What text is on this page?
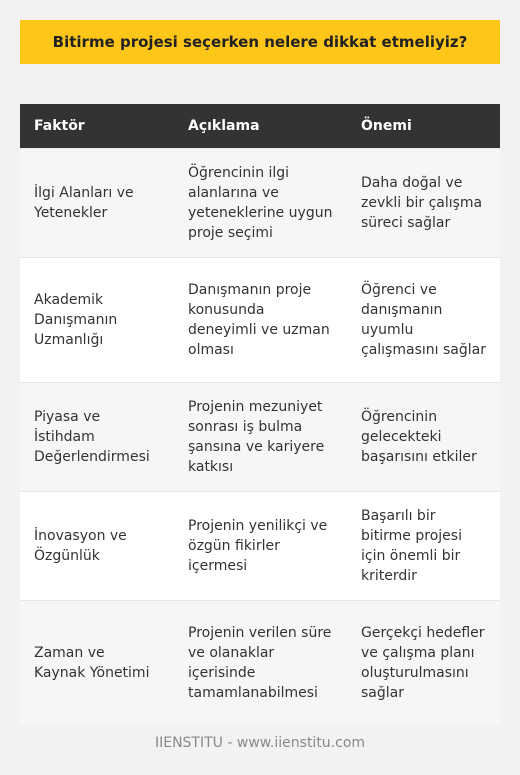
Bitirme projesi seçerken nelere dikkat etmeliyiz?
Faktör	Açıklama	Önemi
İlgi Alanları ve Yetenekler	Öğrencinin ilgi alanlarına ve yeteneklerine uygun proje seçimi	Daha doğal ve zevkli bir çalışma süreci sağlar
Akademik Danışmanın Uzmanlığı	Danışmanın proje konusunda deneyimli ve uzman olması	Öğrenci ve danışmanın uyumlu çalışmasını sağlar
Piyasa ve İstihdam Değerlendirmesi	Projenin mezuniyet sonrası iş bulma şansına ve kariyere katkısı	Öğrencinin gelecekteki başarısını etkiler
İnovasyon ve Özgünlük	Projenin yenilikçi ve özgün fikirler içermesi	Başarılı bir bitirme projesi için önemli bir kriterdir
Zaman ve Kaynak Yönetimi	Projenin verilen süre ve olanaklar içerisinde tamamlanabilmesi	Gerçekçi hedefler ve çalışma planı oluşturulmasını sağlar
IIENSTITU - www.iienstitu.com
